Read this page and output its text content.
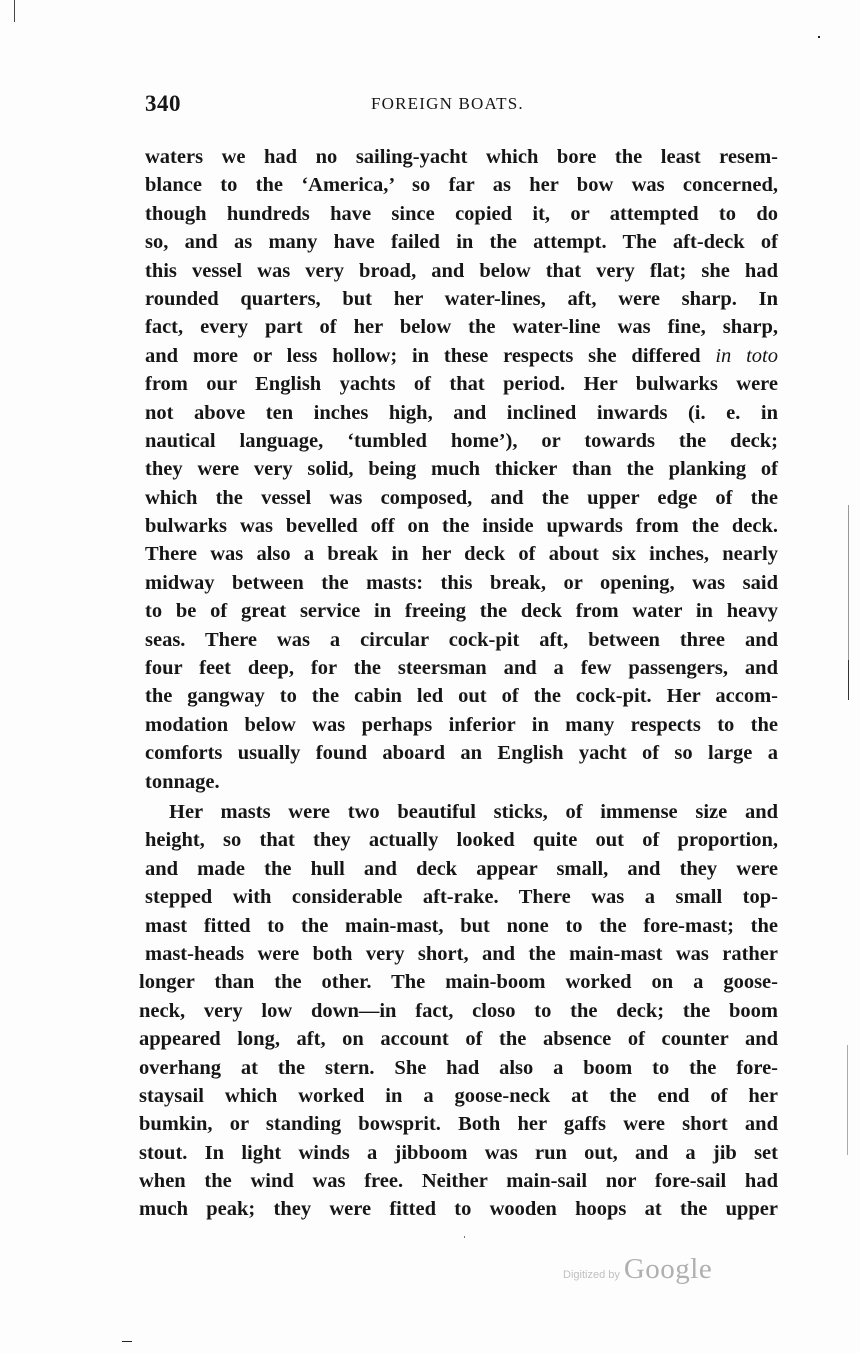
340	FOREIGN BOATS.
waters we had no sailing-yacht which bore the least resem-
blance to the ‘America,’ so far as her bow was concerned,
though hundreds have since copied it, or attempted to do
so, and as many have failed in the attempt. The aft-deck of
this vessel was very broad, and below that very flat; she had
rounded quarters, but her water-lines, aft, were sharp. In
fact, every part of her below the water-line was fine, sharp,
and more or less hollow; in these respects she differed in toto
from our English yachts of that period. Her bulwarks were
not above ten inches high, and inclined inwards (i. e. in
nautical language, ‘tumbled home’), or towards the deck;
they were very solid, being much thicker than the planking of
which the vessel was composed, and the upper edge of the
bulwarks was bevelled off on the inside upwards from the deck.
There was also a break in her deck of about six inches, nearly
midway between the masts: this break, or opening, was said
to be of great service in freeing the deck from water in heavy
seas. There was a circular cock-pit aft, between three and
four feet deep, for the steersman and a few passengers, and
the gangway to the cabin led out of the cock-pit. Her accom-
modation below was perhaps inferior in many respects to the
comforts usually found aboard an English yacht of so large a
tonnage.
Her masts were two beautiful sticks, of immense size and
height, so that they actually looked quite out of proportion,
and made the hull and deck appear small, and they were
stepped with considerable aft-rake. There was a small top-
mast fitted to the main-mast, but none to the fore-mast; the
mast-heads were both very short, and the main-mast was rather
longer than the other. The main-boom worked on a goose-
neck, very low down—in fact, closo to the deck; the boom
appeared long, aft, on account of the absence of counter and
overhang at the stern. She had also a boom to the fore-
staysail which worked in a goose-neck at the end of her
bumkin, or standing bowsprit. Both her gaffs were short and
stout. In light winds a jibboom was run out, and a jib set
when the wind was free. Neither main-sail nor fore-sail had
much peak; they were fitted to wooden hoops at the upper
Digitized by Google
